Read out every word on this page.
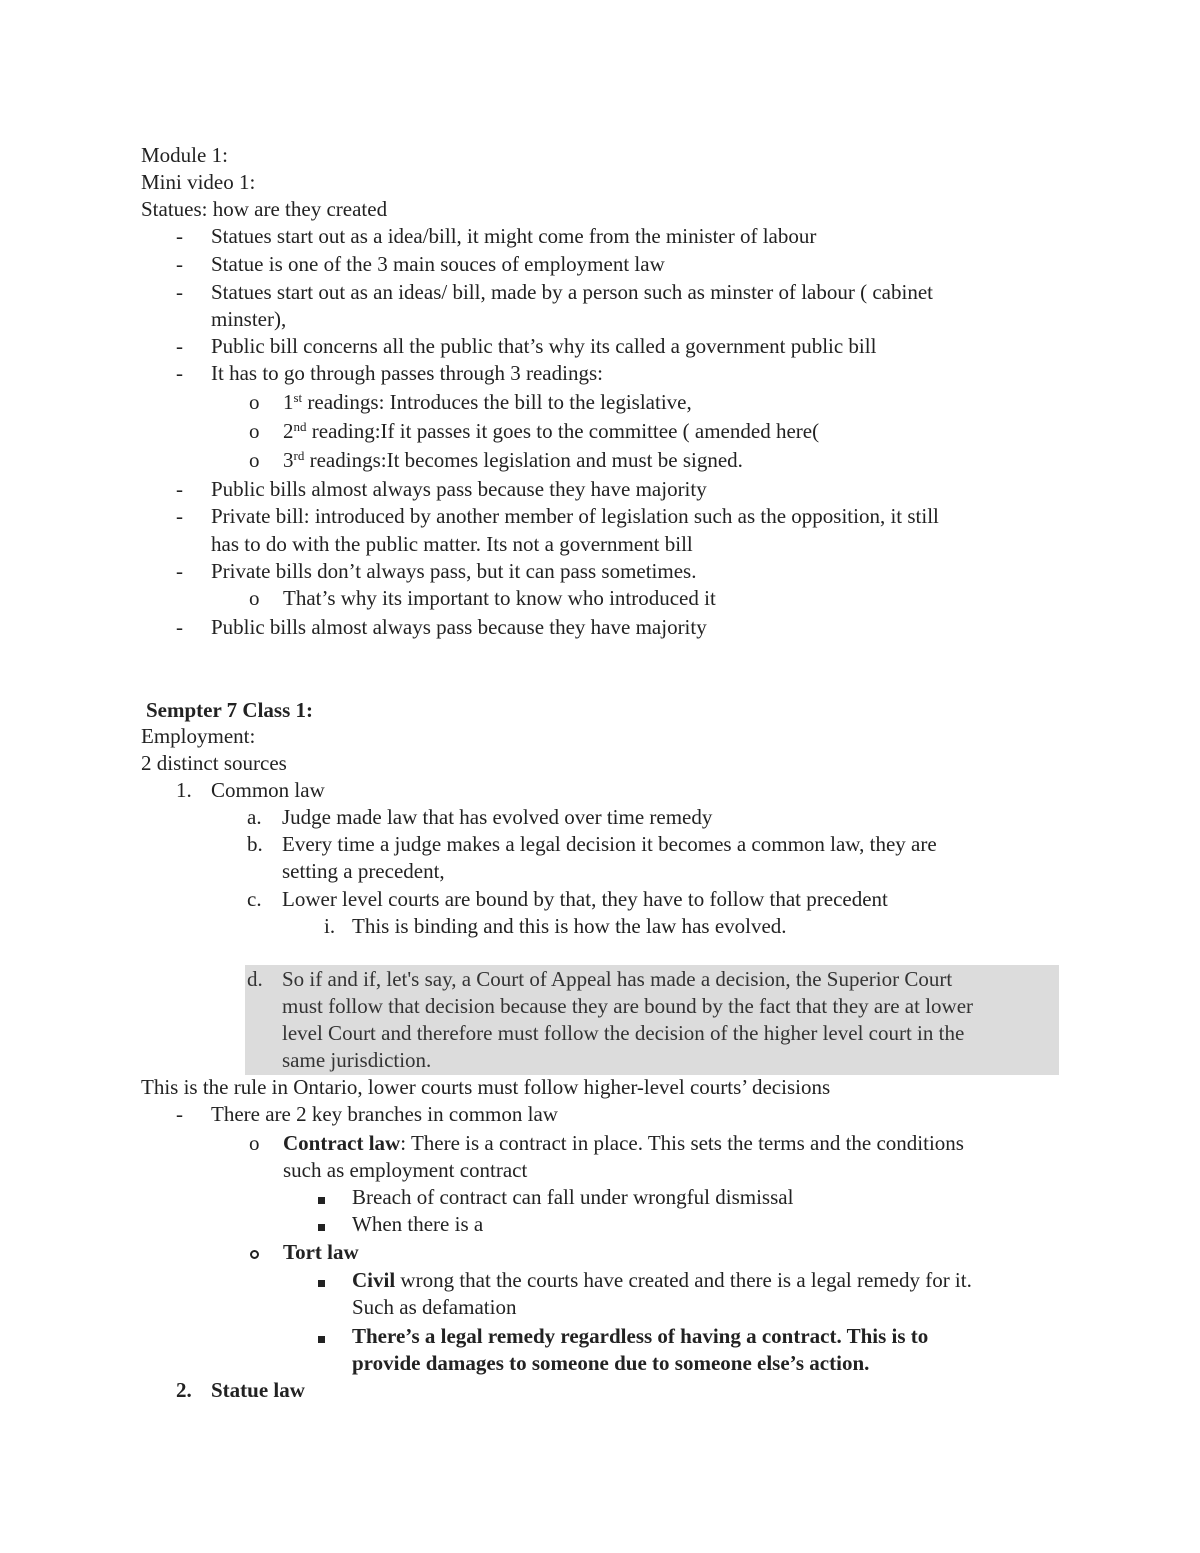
Module 1:
Mini video 1:
Statues: how are they created
- Statues start out as a idea/bill, it might come from the minister of labour
- Statue is one of the 3 main souces of employment law
- Statues start out as an ideas/ bill, made by a person such as minster of labour ( cabinet
minster),
- Public bill concerns all the public that’s why its called a government public bill
- It has to go through passes through 3 readings:
o 1st readings: Introduces the bill to the legislative,
o 2nd reading:If it passes it goes to the committee ( amended here(
o 3rd readings:It becomes legislation and must be signed.
- Public bills almost always pass because they have majority
- Private bill: introduced by another member of legislation such as the opposition, it still
has to do with the public matter. Its not a government bill
- Private bills don’t always pass, but it can pass sometimes.
o That’s why its important to know who introduced it
- Public bills almost always pass because they have majority
Sempter 7 Class 1:
Employment:
2 distinct sources
1. Common law
a. Judge made law that has evolved over time remedy
b. Every time a judge makes a legal decision it becomes a common law, they are
setting a precedent,
c. Lower level courts are bound by that, they have to follow that precedent
i. This is binding and this is how the law has evolved.
d. So if and if, let's say, a Court of Appeal has made a decision, the Superior Court
must follow that decision because they are bound by the fact that they are at lower
level Court and therefore must follow the decision of the higher level court in the
same jurisdiction.
This is the rule in Ontario, lower courts must follow higher-level courts’ decisions
- There are 2 key branches in common law
o Contract law: There is a contract in place. This sets the terms and the conditions
such as employment contract
Breach of contract can fall under wrongful dismissal
When there is a
Tort law
Civil wrong that the courts have created and there is a legal remedy for it.
Such as defamation
There’s a legal remedy regardless of having a contract. This is to
provide damages to someone due to someone else’s action.
2. Statue law
